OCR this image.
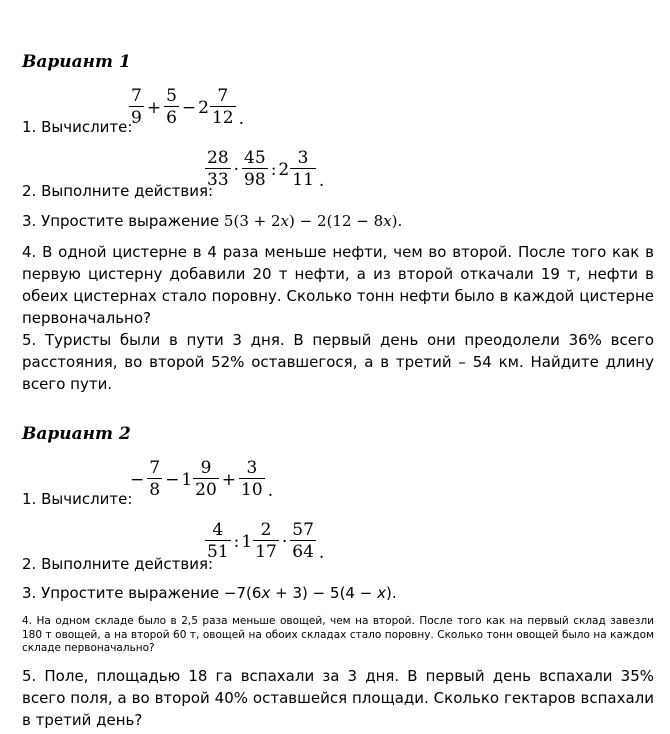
Вариант 1
1. Вычислите:
$\frac{7}{9} + \frac{5}{6} - 2 \frac{7}{12}$ .
2. Выполните действия:
$\frac{28}{33} \cdot \frac{45}{98}$ : $2 \frac{3}{11}$ .
3. Упростите выражение 5(3 + 2x) − 2(12 − 8x).
4. В одной цистерне в 4 раза меньше нефти, чем во второй. После того как в первую цистерну добавили 20 т нефти, а из второй откачали 19 т, нефти в обеих цистернах стало поровну. Сколько тонн нефти было в каждой цистерне первоначально?
5. Туристы были в пути 3 дня. В первый день они преодолели 36% всего расстояния, во второй 52% оставшегося, а в третий – 54 км. Найдите длину всего пути.
Вариант 2
1. Вычислите:
− $\frac{7}{8} - 1 \frac{9}{20} + \frac{3}{10}$ .
2. Выполните действия:
$\frac{4}{51}$ : $1 \frac{2}{17} \cdot \frac{57}{64}$ .
3. Упростите выражение −7(6x + 3) − 5(4 − x).
4. На одном складе было в 2,5 раза меньше овощей, чем на второй. После того как на первый склад завезли 180 т овощей, а на второй 60 т, овощей на обоих складах стало поровну. Сколько тонн овощей было на каждом складе первоначально?
5. Поле, площадью 18 га вспахали за 3 дня. В первый день вспахали 35% всего поля, а во второй 40% оставшейся площади. Сколько гектаров вспахали в третий день?
